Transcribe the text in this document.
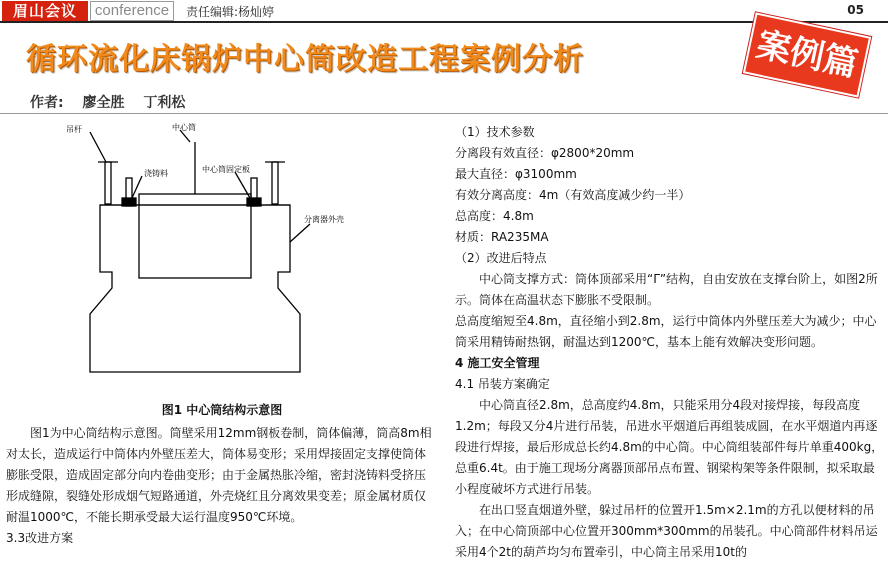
眉山会议	conference	责任编辑:杨灿婷	05
循环流化床锅炉中心筒改造工程案例分析	案例篇
作者: 廖全胜 丁利松
吊杆	中心筒
浇铸料	中心筒固定板
分离器外壳
图1 中心筒结构示意图

图1为中心筒结构示意图。筒壁采用12mm钢板卷制，筒体偏薄，筒高8m相对太长，造成运行中筒体内外壁压差大，筒体易变形；采用焊接固定支撑使筒体膨胀受限，造成固定部分向内卷曲变形；由于金属热胀冷缩，密封浇铸料受挤压形成缝隙，裂缝处形成烟气短路通道，外壳烧红且分离效果变差；原金属材质仅耐温1000℃，不能长期承受最大运行温度950℃环境。

3.3改进方案

（1）技术参数

分离段有效直径：φ2800*20mm

最大直径：φ3100mm

有效分离高度：4m（有效高度减少约一半）

总高度：4.8m

材质：RA235MA

（2）改进后特点

中心筒支撑方式：筒体顶部采用“Γ”结构，自由安放在支撑台阶上，如图2所示。筒体在高温状态下膨胀不受限制。

总高度缩短至4.8m，直径缩小到2.8m，运行中筒体内外壁压差大为减少；中心筒采用精铸耐热钢，耐温达到1200℃，基本上能有效解决变形问题。

4 施工安全管理

4.1 吊装方案确定

中心筒直径2.8m，总高度约4.8m，只能采用分4段对接焊接，每段高度1.2m；每段又分4片进行吊装，吊进水平烟道后再组装成圆，在水平烟道内再逐段进行焊接，最后形成总长约4.8m的中心筒。中心筒组装部件每片单重400kg，总重6.4t。由于施工现场分离器顶部吊点布置、钢梁构架等条件限制，拟采取最小程度破坏方式进行吊装。

在出口竖直烟道外壁，躲过吊杆的位置开1.5m×2.1m的方孔以便材料的吊入；在中心筒顶部中心位置开300mm*300mm的吊装孔。中心筒部件材料吊运采用4个2t的葫芦均匀布置牵引，中心筒主吊采用10t的
